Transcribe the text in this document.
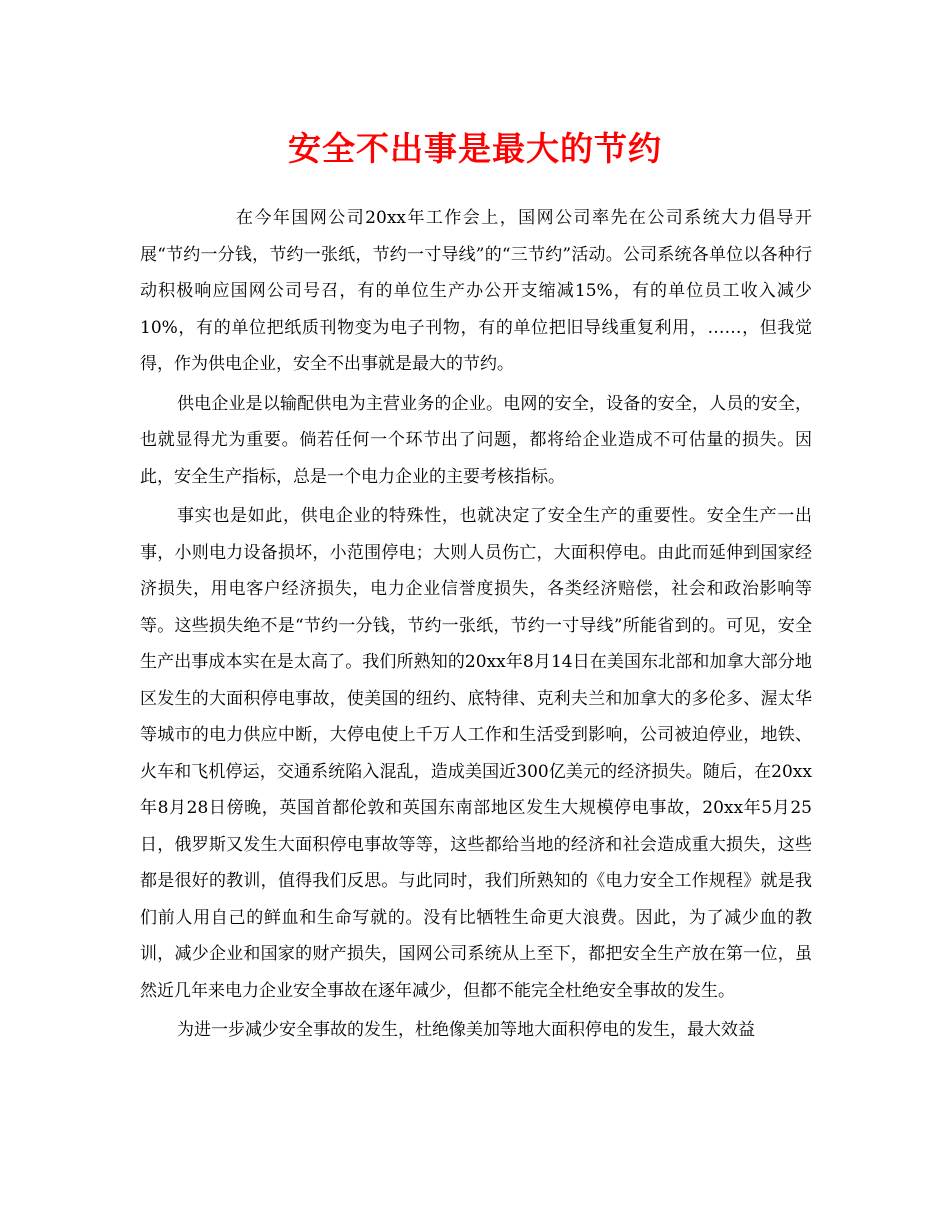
安全不出事是最大的节约

在今年国网公司20xx年工作会上，国网公司率先在公司系统大力倡导开展“节约一分钱，节约一张纸，节约一寸导线”的“三节约”活动。公司系统各单位以各种行动积极响应国网公司号召，有的单位生产办公开支缩减15%，有的单位员工收入减少10%，有的单位把纸质刊物变为电子刊物，有的单位把旧导线重复利用，……，但我觉得，作为供电企业，安全不出事就是最大的节约。

供电企业是以输配供电为主营业务的企业。电网的安全，设备的安全，人员的安全，也就显得尤为重要。倘若任何一个环节出了问题，都将给企业造成不可估量的损失。因此，安全生产指标，总是一个电力企业的主要考核指标。

事实也是如此，供电企业的特殊性，也就决定了安全生产的重要性。安全生产一出事，小则电力设备损坏，小范围停电；大则人员伤亡，大面积停电。由此而延伸到国家经济损失，用电客户经济损失，电力企业信誉度损失，各类经济赔偿，社会和政治影响等等。这些损失绝不是“节约一分钱，节约一张纸，节约一寸导线”所能省到的。可见，安全生产出事成本实在是太高了。我们所熟知的20xx年8月14日在美国东北部和加拿大部分地区发生的大面积停电事故，使美国的纽约、底特律、克利夫兰和加拿大的多伦多、渥太华等城市的电力供应中断，大停电使上千万人工作和生活受到影响，公司被迫停业，地铁、火车和飞机停运，交通系统陷入混乱，造成美国近300亿美元的经济损失。随后，在20xx年8月28日傍晚，英国首都伦敦和英国东南部地区发生大规模停电事故，20xx年5月25日，俄罗斯又发生大面积停电事故等等，这些都给当地的经济和社会造成重大损失，这些都是很好的教训，值得我们反思。与此同时，我们所熟知的《电力安全工作规程》就是我们前人用自己的鲜血和生命写就的。没有比牺牲生命更大浪费。因此，为了减少血的教训，减少企业和国家的财产损失，国网公司系统从上至下，都把安全生产放在第一位，虽然近几年来电力企业安全事故在逐年减少，但都不能完全杜绝安全事故的发生。

为进一步减少安全事故的发生，杜绝像美加等地大面积停电的发生，最大效益
